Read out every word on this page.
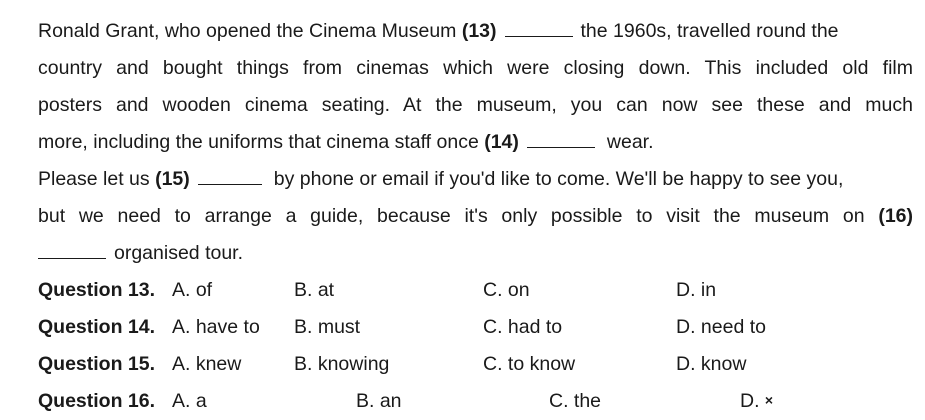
Ronald Grant, who opened the Cinema Museum (13)	the 1960s, travelled round the
country and bought things from cinemas which were closing down. This included old film
posters and wooden cinema seating. At the museum, you can now see these and much
more, including the uniforms that cinema staff once (14)	wear.
Please let us (15)	by phone or email if you'd like to come. We'll be happy to see you,
but we need to arrange a guide, because it's only possible to visit the museum on (16)
organised tour.
Question 13. A. of	B. at	C. on	D. in
Question 14. A. have to B. must	C. had to	D. need to
Question 15. A. knew	B. knowing	C. to know	D. know
Question 16. A. a	B. an	C. the	D. ×
